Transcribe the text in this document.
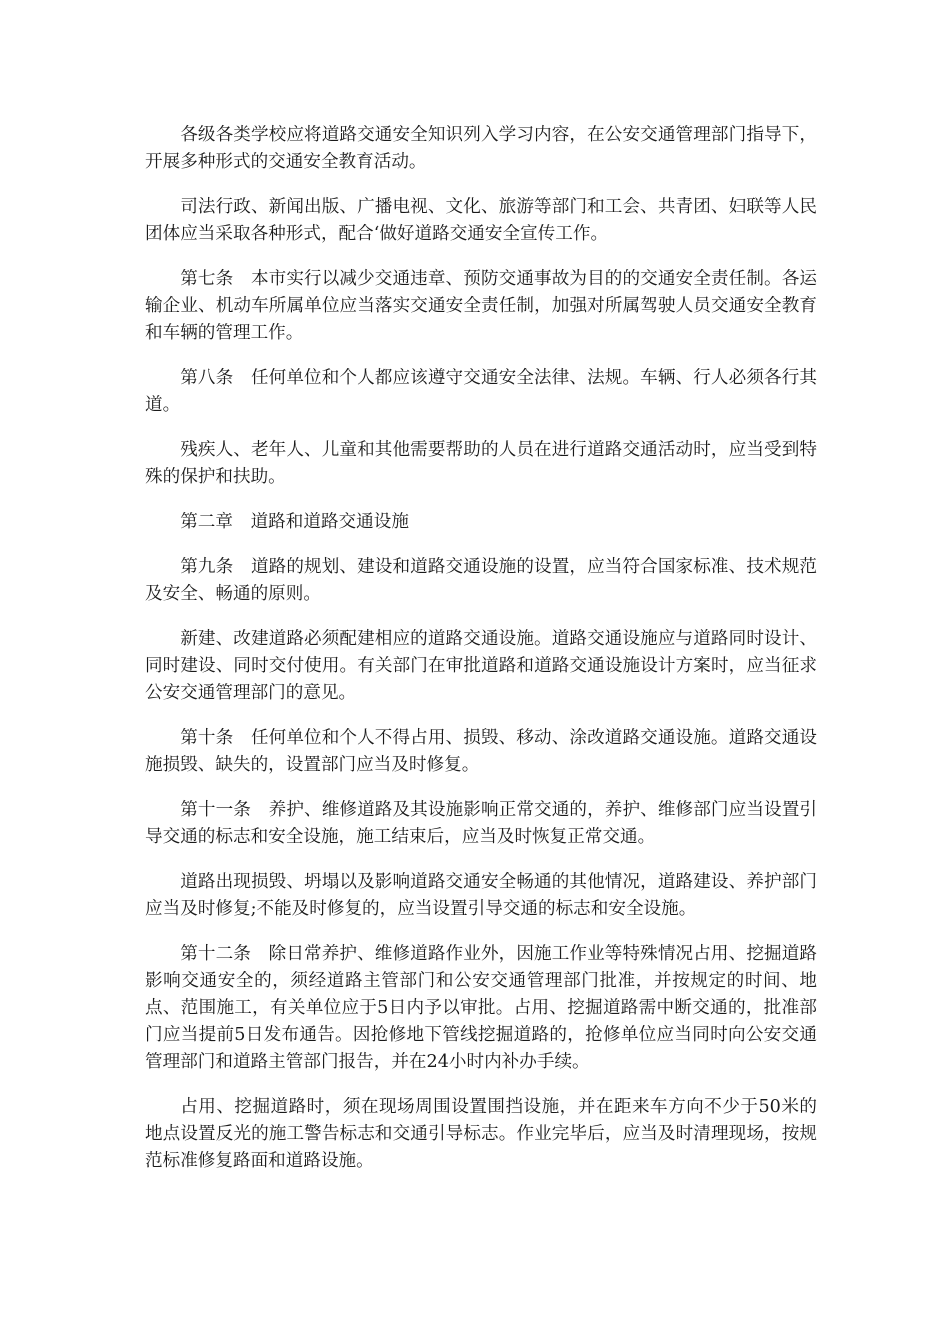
各级各类学校应将道路交通安全知识列入学习内容，在公安交通管理部门指导下，开展多种形式的交通安全教育活动。

司法行政、新闻出版、广播电视、文化、旅游等部门和工会、共青团、妇联等人民团体应当采取各种形式，配合‘做好道路交通安全宣传工作。

第七条　本市实行以减少交通违章、预防交通事故为目的的交通安全责任制。各运输企业、机动车所属单位应当落实交通安全责任制，加强对所属驾驶人员交通安全教育和车辆的管理工作。

第八条　任何单位和个人都应该遵守交通安全法律、法规。车辆、行人必须各行其道。

残疾人、老年人、儿童和其他需要帮助的人员在进行道路交通活动时，应当受到特殊的保护和扶助。

第二章　道路和道路交通设施

第九条　道路的规划、建设和道路交通设施的设置，应当符合国家标准、技术规范及安全、畅通的原则。

新建、改建道路必须配建相应的道路交通设施。道路交通设施应与道路同时设计、同时建设、同时交付使用。有关部门在审批道路和道路交通设施设计方案时，应当征求公安交通管理部门的意见。

第十条　任何单位和个人不得占用、损毁、移动、涂改道路交通设施。道路交通设施损毁、缺失的，设置部门应当及时修复。

第十一条　养护、维修道路及其设施影响正常交通的，养护、维修部门应当设置引导交通的标志和安全设施，施工结束后，应当及时恢复正常交通。

道路出现损毁、坍塌以及影响道路交通安全畅通的其他情况，道路建设、养护部门应当及时修复;不能及时修复的，应当设置引导交通的标志和安全设施。

第十二条　除日常养护、维修道路作业外，因施工作业等特殊情况占用、挖掘道路影响交通安全的，须经道路主管部门和公安交通管理部门批准，并按规定的时间、地点、范围施工，有关单位应于5日内予以审批。占用、挖掘道路需中断交通的，批准部门应当提前5日发布通告。因抢修地下管线挖掘道路的，抢修单位应当同时向公安交通管理部门和道路主管部门报告，并在24小时内补办手续。

占用、挖掘道路时，须在现场周围设置围挡设施，并在距来车方向不少于50米的地点设置反光的施工警告标志和交通引导标志。作业完毕后，应当及时清理现场，按规范标准修复路面和道路设施。
